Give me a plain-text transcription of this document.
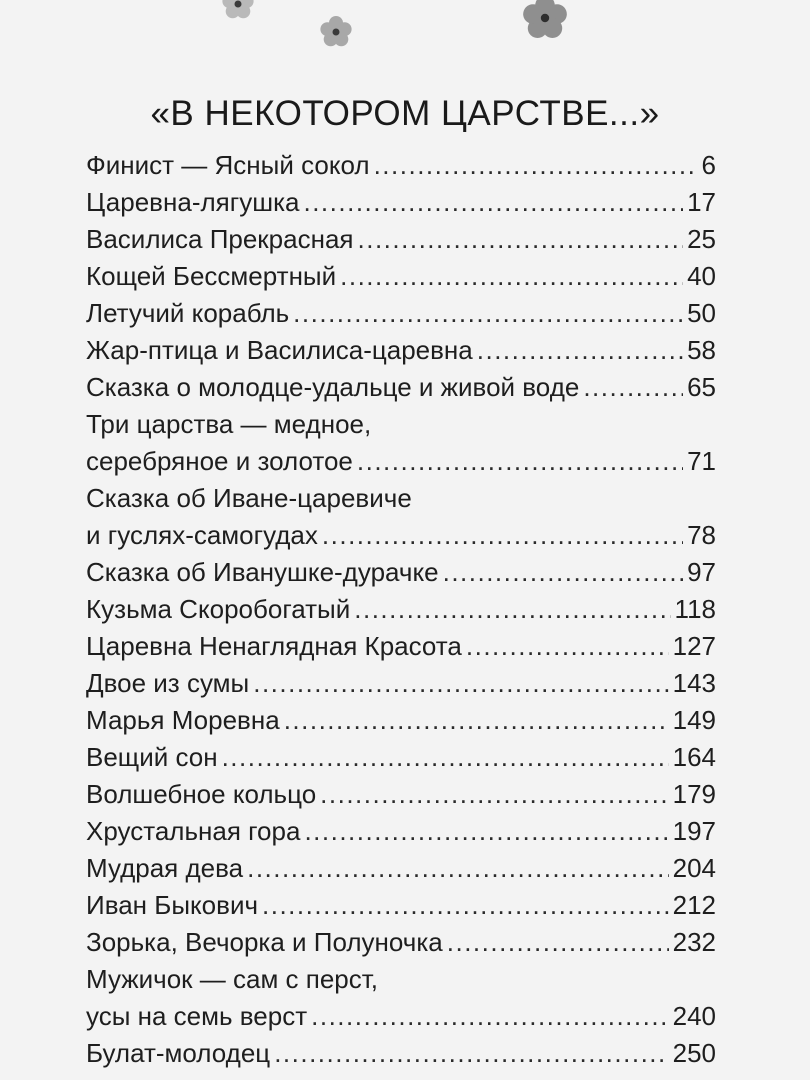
«В НЕКОТОРОМ ЦАРСТВЕ...»
Финист — Ясный сокол .....	6
Царевна-лягушка .....	17
Василиса Прекрасная .....	25
Кощей Бессмертный .....	40
Летучий корабль .....	50
Жар-птица и Василиса-царевна .....	58
Сказка о молодце-удальце и живой воде .....	65
Три царства — медное,
серебряное и золотое .....	71
Сказка об Иване-царевиче
и гуслях-самогудах .....	78
Сказка об Иванушке-дурачке .....	97
Кузьма Скоробогатый .....	118
Царевна Ненаглядная Красота .....	127
Двое из сумы .....	143
Марья Моревна .....	149
Вещий сон .....	164
Волшебное кольцо .....	179
Хрустальная гора .....	197
Мудрая дева .....	204
Иван Быкович .....	212
Зорька, Вечорка и Полуночка .....	232
Мужичок — сам с перст,
усы на семь верст .....	240
Булат-молодец .....	250
